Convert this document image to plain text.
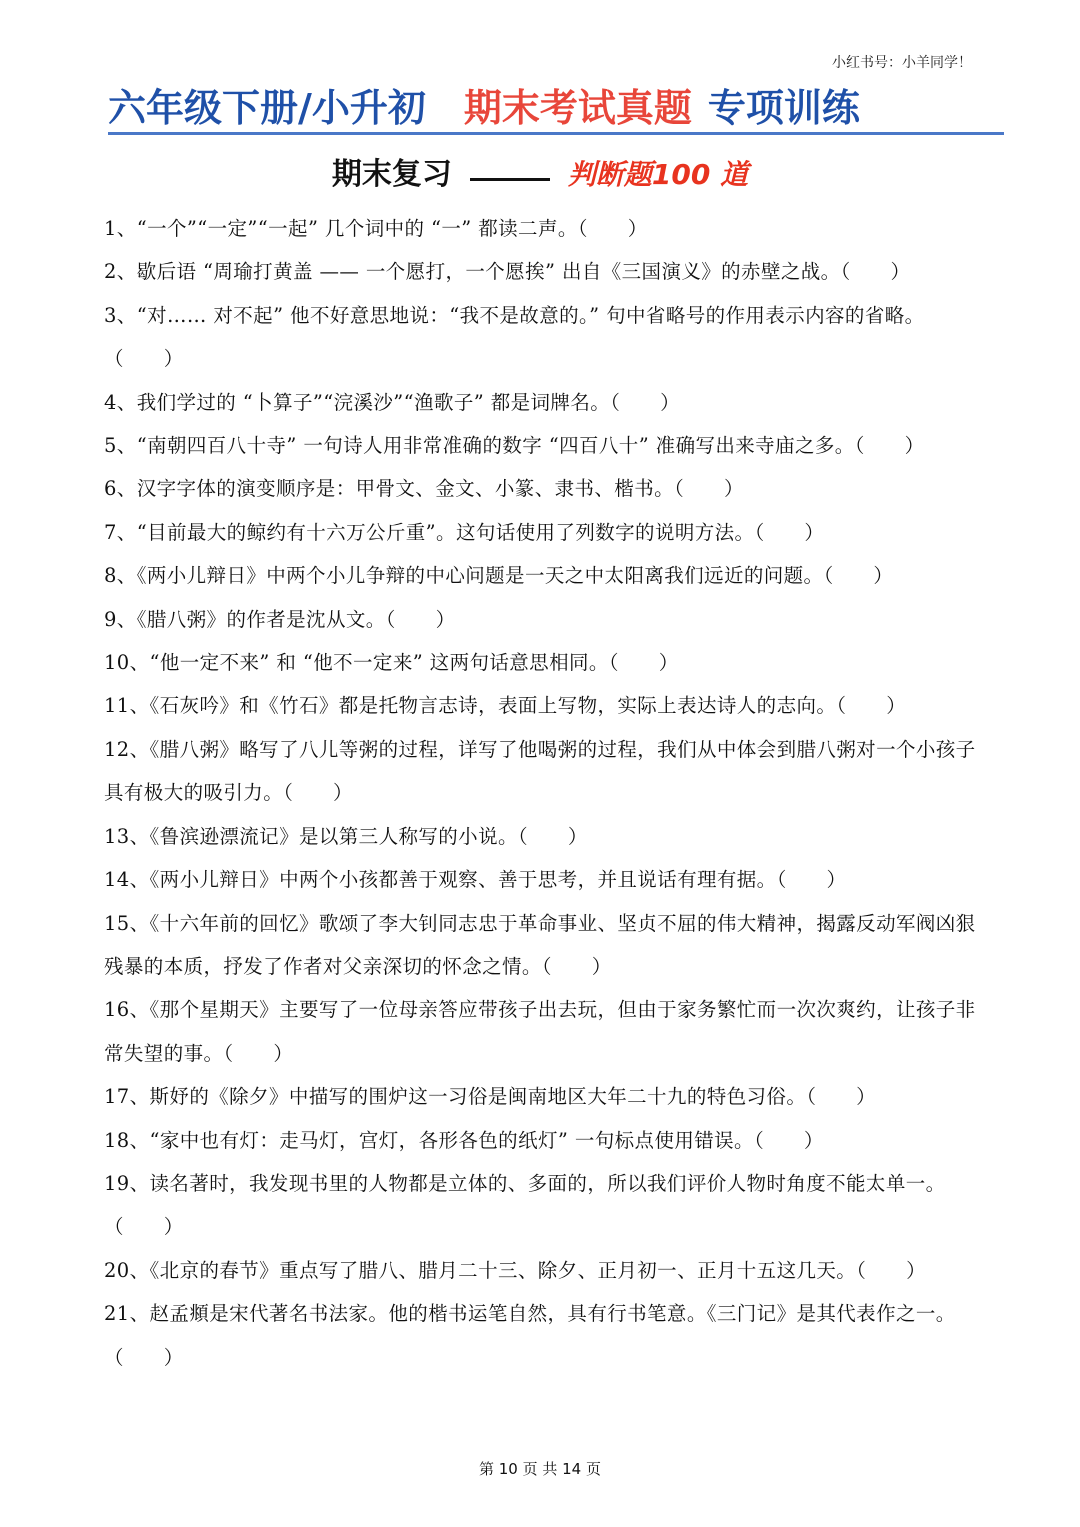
小红书号：小羊同学！
六年级下册/小升初 期末考试真题 专项训练
期末复习	判断题100 道
1、“一个”“一定”“一起” 几个词中的 “一” 都读二声。（　　）
2、歇后语 “周瑜打黄盖 —— 一个愿打，一个愿挨” 出自《三国演义》的赤壁之战。（　　）
3、“对…… 对不起” 他不好意思地说：“我不是故意的。” 句中省略号的作用表示内容的省略。（　　）
4、我们学过的 “卜算子”“浣溪沙”“渔歌子” 都是词牌名。（　　）
5、“南朝四百八十寺” 一句诗人用非常准确的数字 “四百八十” 准确写出来寺庙之多。（　　）
6、汉字字体的演变顺序是：甲骨文、金文、小篆、隶书、楷书。（　　）
7、“目前最大的鲸约有十六万公斤重”。这句话使用了列数字的说明方法。（　　）
8、《两小儿辩日》中两个小儿争辩的中心问题是一天之中太阳离我们远近的问题。（　　）
9、《腊八粥》的作者是沈从文。（　　）
10、“他一定不来” 和 “他不一定来” 这两句话意思相同。（　　）
11、《石灰吟》和《竹石》都是托物言志诗，表面上写物，实际上表达诗人的志向。（　　）
12、《腊八粥》略写了八儿等粥的过程，详写了他喝粥的过程，我们从中体会到腊八粥对一个小孩子具有极大的吸引力。（　　）
13、《鲁滨逊漂流记》是以第三人称写的小说。（　　）
14、《两小儿辩日》中两个小孩都善于观察、善于思考，并且说话有理有据。（　　）
15、《十六年前的回忆》歌颂了李大钊同志忠于革命事业、坚贞不屈的伟大精神，揭露反动军阀凶狠残暴的本质，抒发了作者对父亲深切的怀念之情。（　　）
16、《那个星期天》主要写了一位母亲答应带孩子出去玩，但由于家务繁忙而一次次爽约，让孩子非常失望的事。（　　）
17、斯妤的《除夕》中描写的围炉这一习俗是闽南地区大年二十九的特色习俗。（　　）
18、“家中也有灯：走马灯，宫灯，各形各色的纸灯” 一句标点使用错误。（　　）
19、读名著时，我发现书里的人物都是立体的、多面的，所以我们评价人物时角度不能太单一。（　　）
20、《北京的春节》重点写了腊八、腊月二十三、除夕、正月初一、正月十五这几天。（　　）
21、赵孟頫是宋代著名书法家。他的楷书运笔自然，具有行书笔意。《三门记》是其代表作之一。（　　）
第 10 页 共 14 页
